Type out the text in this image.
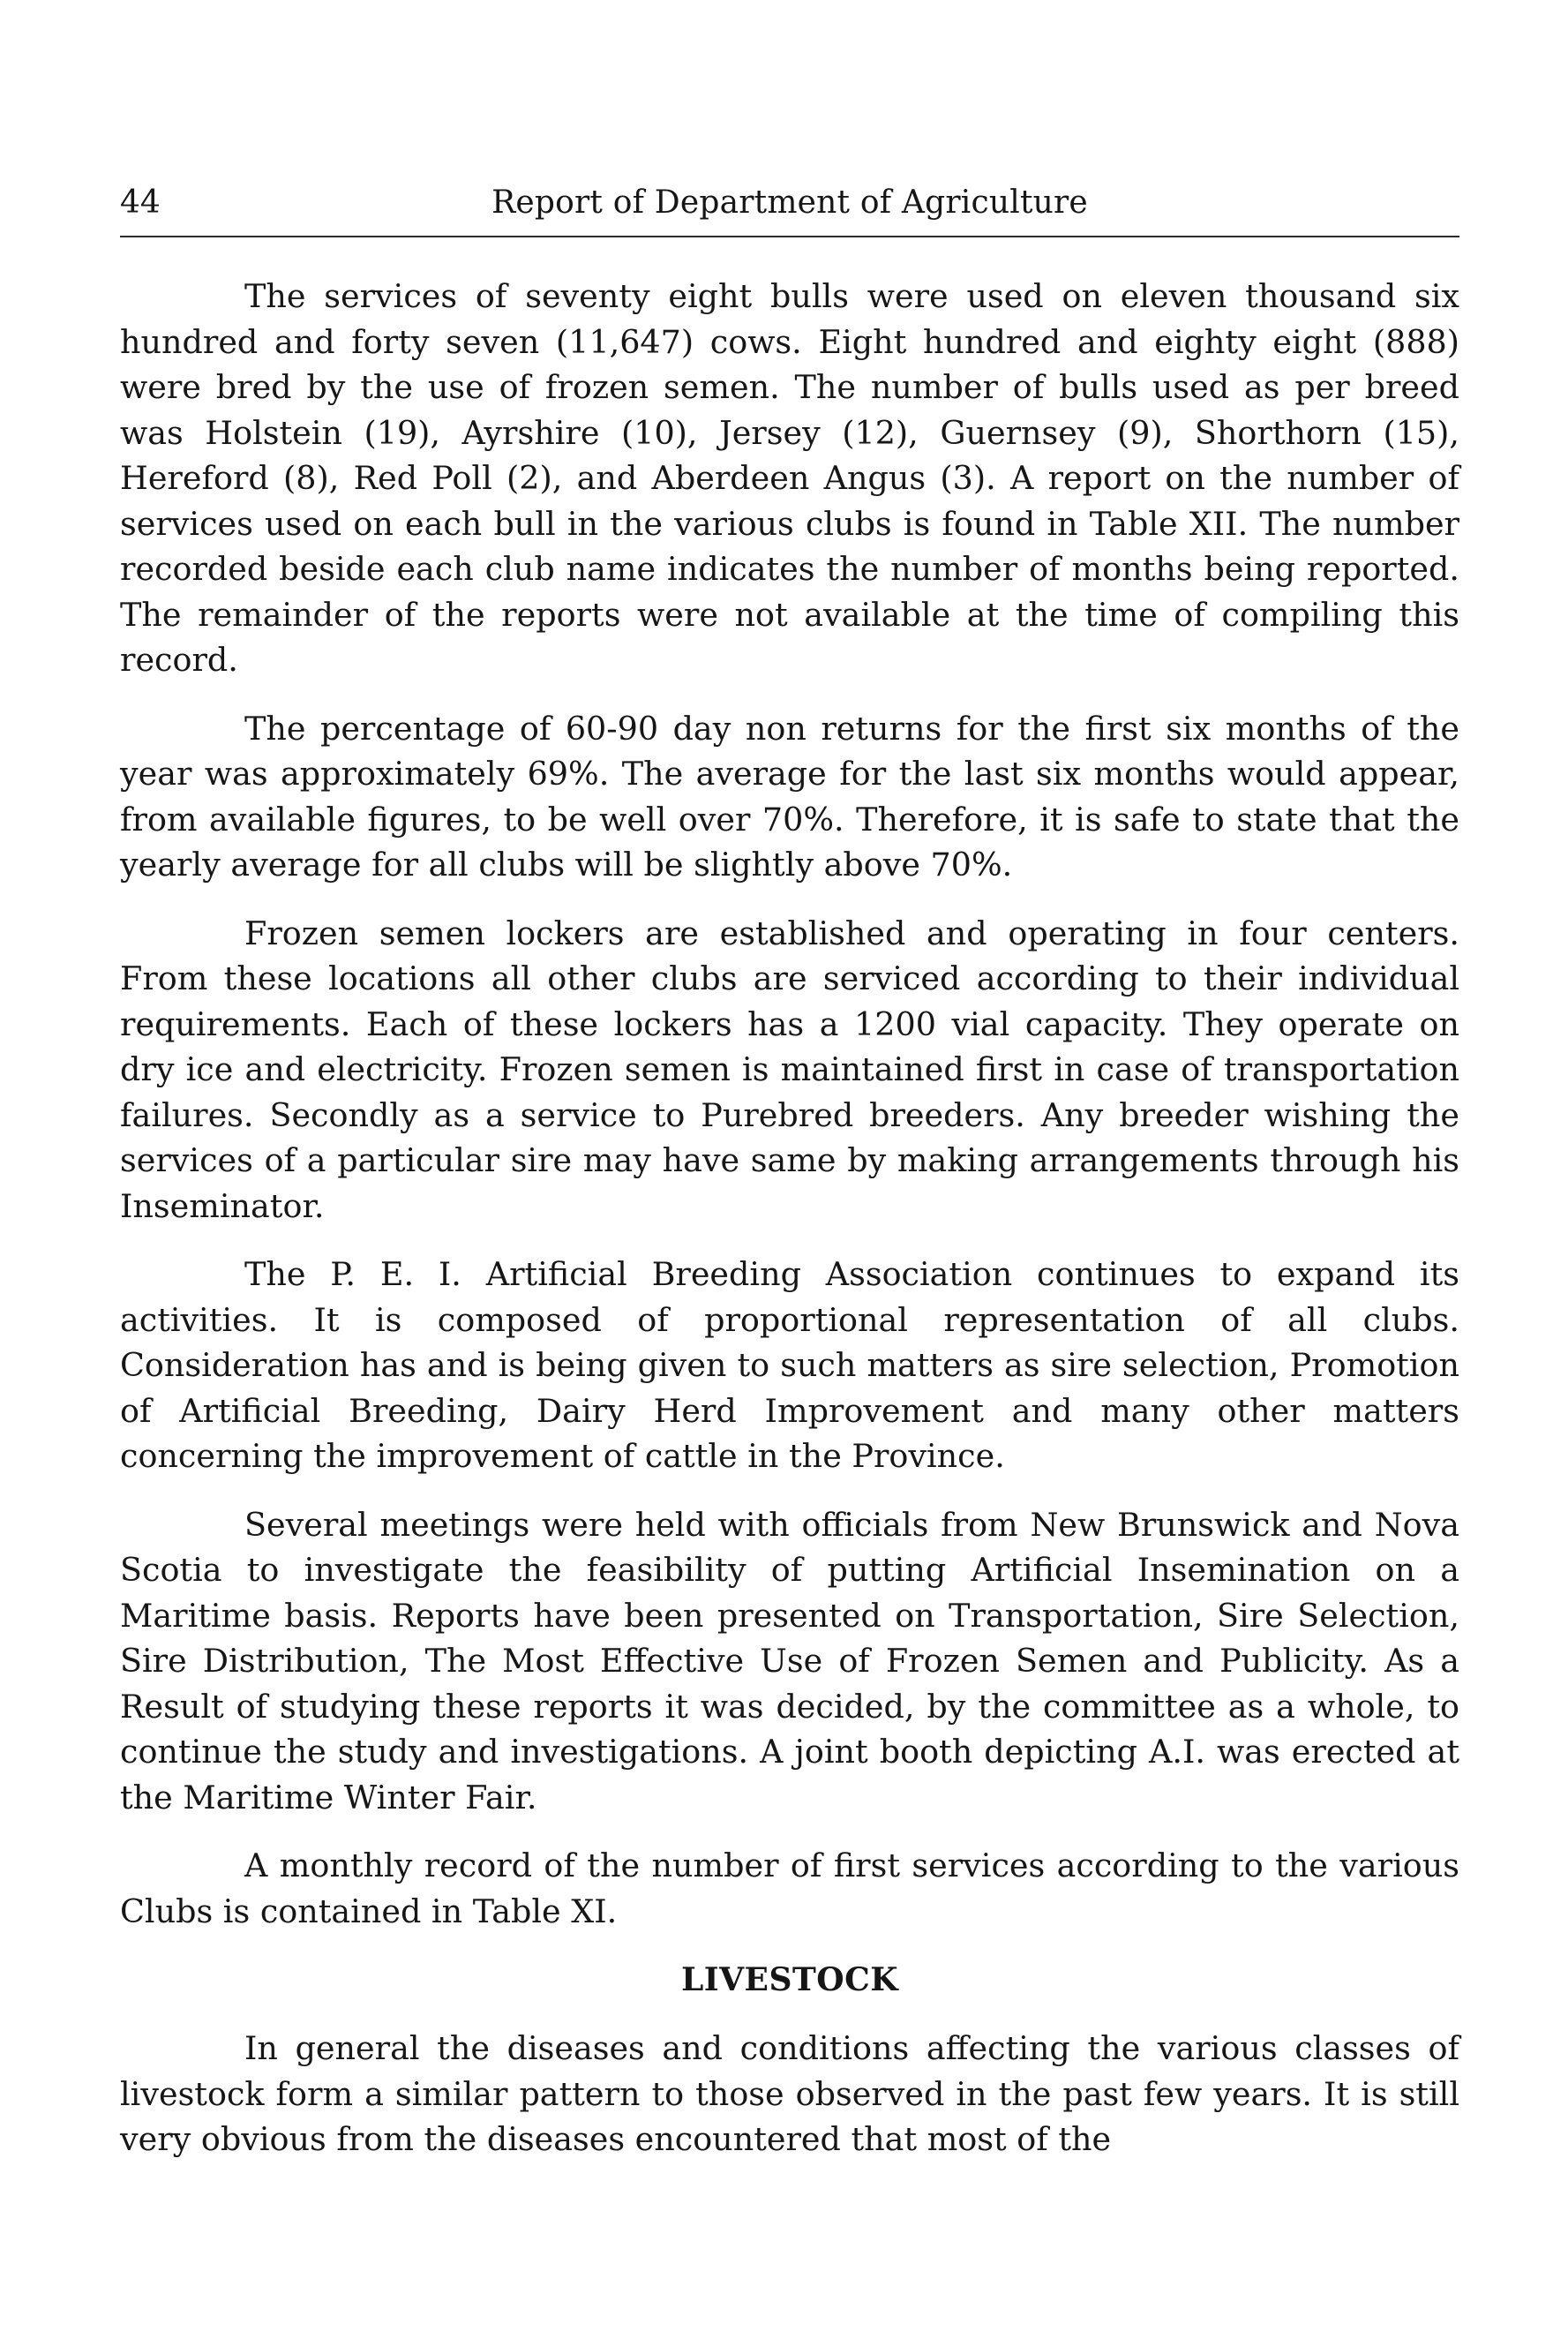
44	Report of Department of Agriculture

The services of seventy eight bulls were used on eleven thousand six hundred and forty seven (11,647) cows. Eight hundred and eighty eight (888) were bred by the use of frozen semen. The number of bulls used as per breed was Holstein (19), Ayrshire (10), Jersey (12), Guernsey (9), Shorthorn (15), Hereford (8), Red Poll (2), and Aberdeen Angus (3). A report on the number of services used on each bull in the various clubs is found in Table XII. The number recorded beside each club name indicates the number of months being reported. The remainder of the reports were not available at the time of compiling this record.

The percentage of 60-90 day non returns for the first six months of the year was approximately 69%. The average for the last six months would appear, from available figures, to be well over 70%. Therefore, it is safe to state that the yearly average for all clubs will be slightly above 70%.

Frozen semen lockers are established and operating in four centers. From these locations all other clubs are serviced according to their individual requirements. Each of these lockers has a 1200 vial capacity. They operate on dry ice and electricity. Frozen semen is maintained first in case of transportation failures. Secondly as a service to Purebred breeders. Any breeder wishing the services of a particular sire may have same by making arrangements through his Inseminator.

The P. E. I. Artificial Breeding Association continues to expand its activities. It is composed of proportional representation of all clubs. Consideration has and is being given to such matters as sire selection, Promotion of Artificial Breeding, Dairy Herd Improvement and many other matters concerning the improvement of cattle in the Province.

Several meetings were held with officials from New Brunswick and Nova Scotia to investigate the feasibility of putting Artificial Insemination on a Maritime basis. Reports have been presented on Transportation, Sire Selection, Sire Distribution, The Most Effective Use of Frozen Semen and Publicity. As a Result of studying these reports it was decided, by the committee as a whole, to continue the study and investigations. A joint booth depicting A.I. was erected at the Maritime Winter Fair.

A monthly record of the number of first services according to the various Clubs is contained in Table XI.

LIVESTOCK

In general the diseases and conditions affecting the various classes of livestock form a similar pattern to those observed in the past few years. It is still very obvious from the diseases encountered that most of the
